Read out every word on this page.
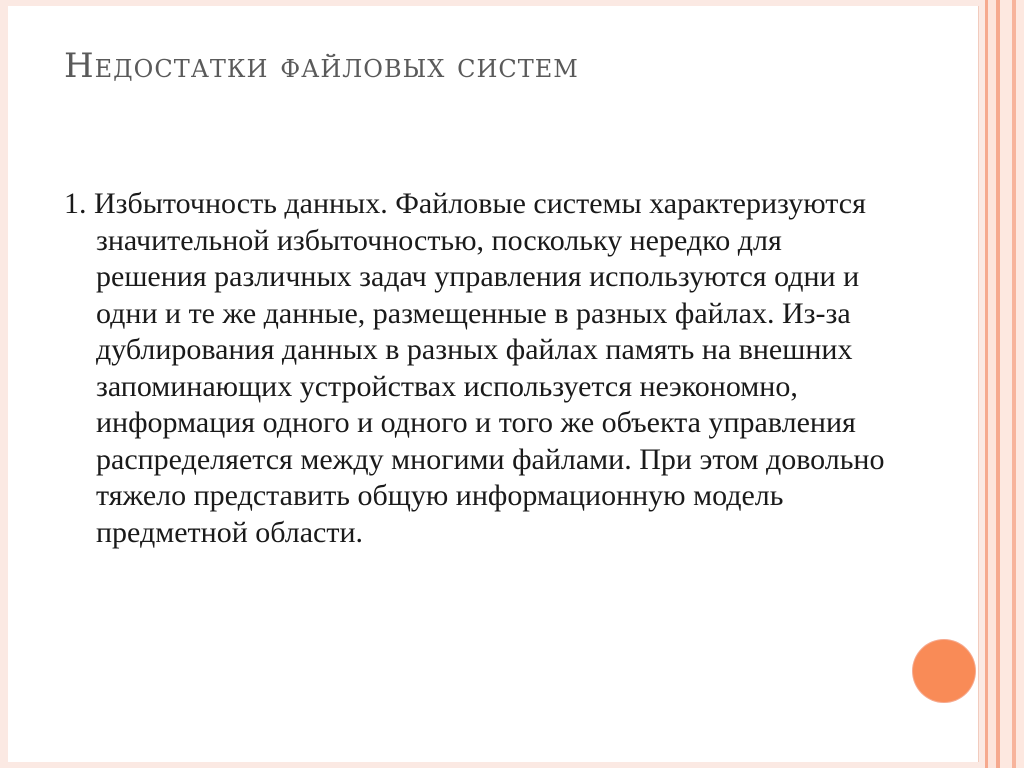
Недостатки файловых систем

1. Избыточность данных. Файловые системы характеризуются значительной избыточностью, поскольку нередко для решения различных задач управления используются одни и одни и те же данные, размещенные в разных файлах. Из-за дублирования данных в разных файлах память на внешних запоминающих устройствах используется неэкономно, информация одного и одного и того же объекта управления распределяется между многими файлами. При этом довольно тяжело представить общую информационную модель предметной области.
